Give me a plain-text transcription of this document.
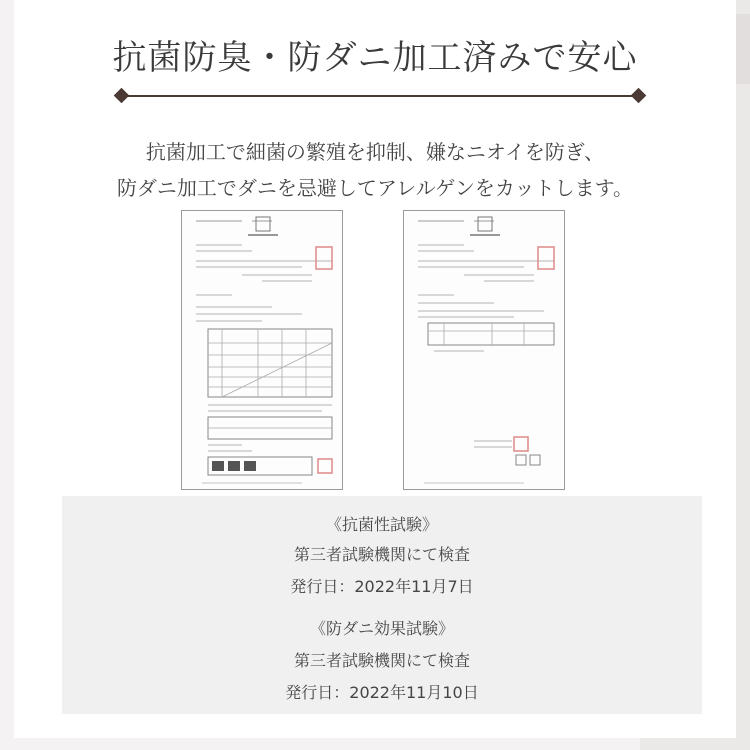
抗菌防臭・防ダニ加工済みで安心

抗菌加工で細菌の繁殖を抑制、嫌なニオイを防ぎ、

防ダニ加工でダニを忌避してアレルゲンをカットします。

《抗菌性試験》

第三者試験機関にて検査

発行日：2022年11月7日

《防ダニ効果試験》

第三者試験機関にて検査

発行日：2022年11月10日
